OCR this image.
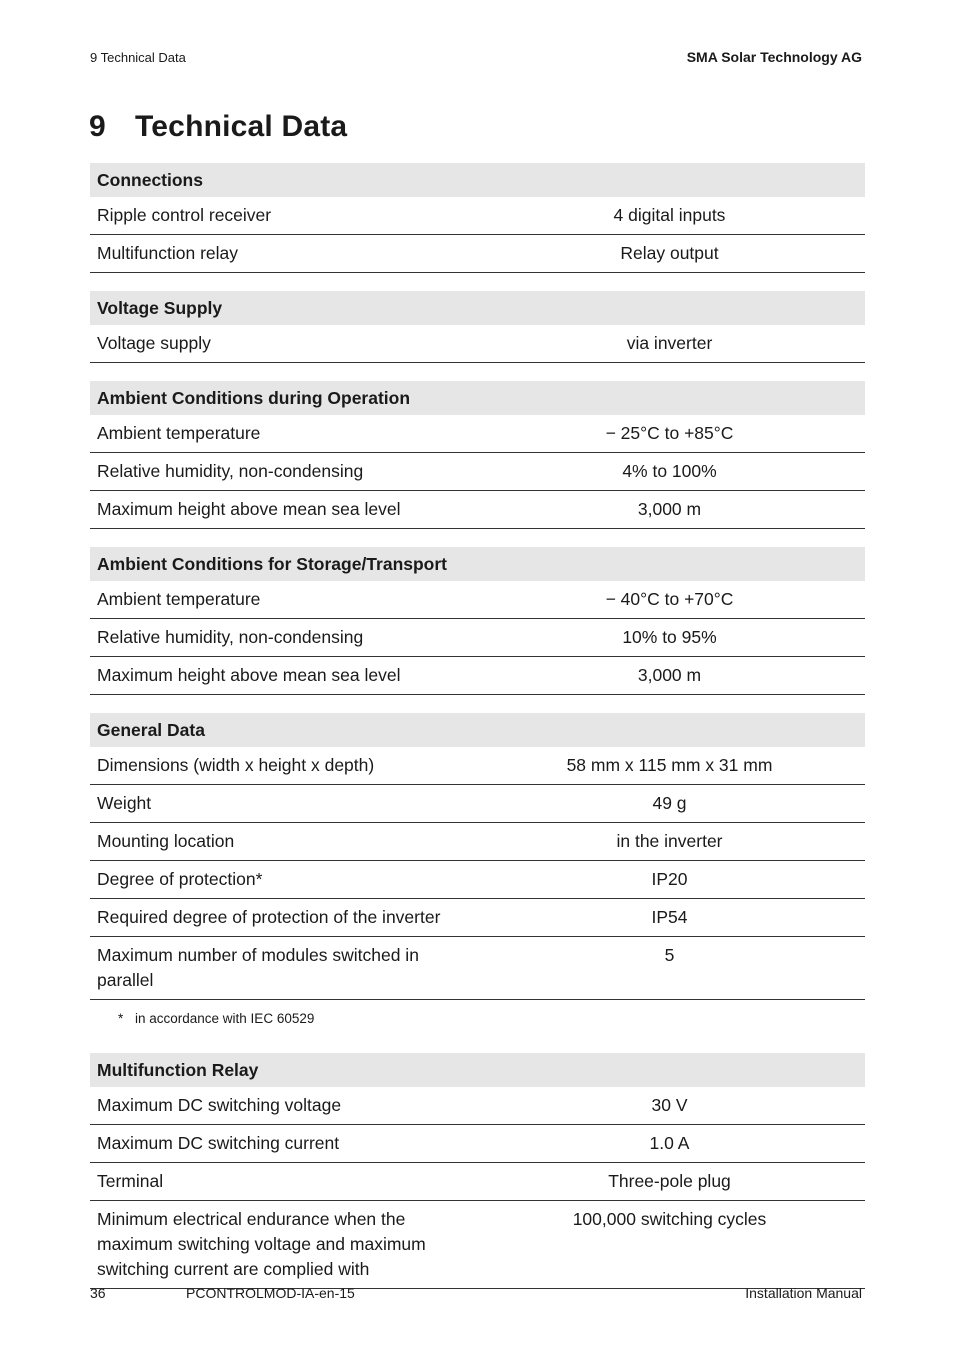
9 Technical Data	SMA Solar Technology AG
9 Technical Data
Connections	
Ripple control receiver	4 digital inputs
Multifunction relay	Relay output
Voltage Supply
Voltage supply	via inverter
Ambient Conditions during Operation	
Ambient temperature	− 25°C to +85°C
Relative humidity, non-condensing	4% to 100%
Maximum height above mean sea level	3,000 m
Ambient Conditions for Storage/Transport	
Ambient temperature	− 40°C to +70°C
Relative humidity, non-condensing	10% to 95%
Maximum height above mean sea level	3,000 m
General Data	
Dimensions (width x height x depth)	58 mm x 115 mm x 31 mm
Weight	49 g
Mounting location	in the inverter
Degree of protection*	IP20
Required degree of protection of the inverter	IP54
Maximum number of modules switched in parallel	5
* in accordance with IEC 60529
Multifunction Relay	
Maximum DC switching voltage	30 V
Maximum DC switching current	1.0 A
Terminal	Three-pole plug
Minimum electrical endurance when the maximum switching voltage and maximum switching current are complied with	100,000 switching cycles
36	PCONTROLMOD-IA-en-15	Installation Manual
